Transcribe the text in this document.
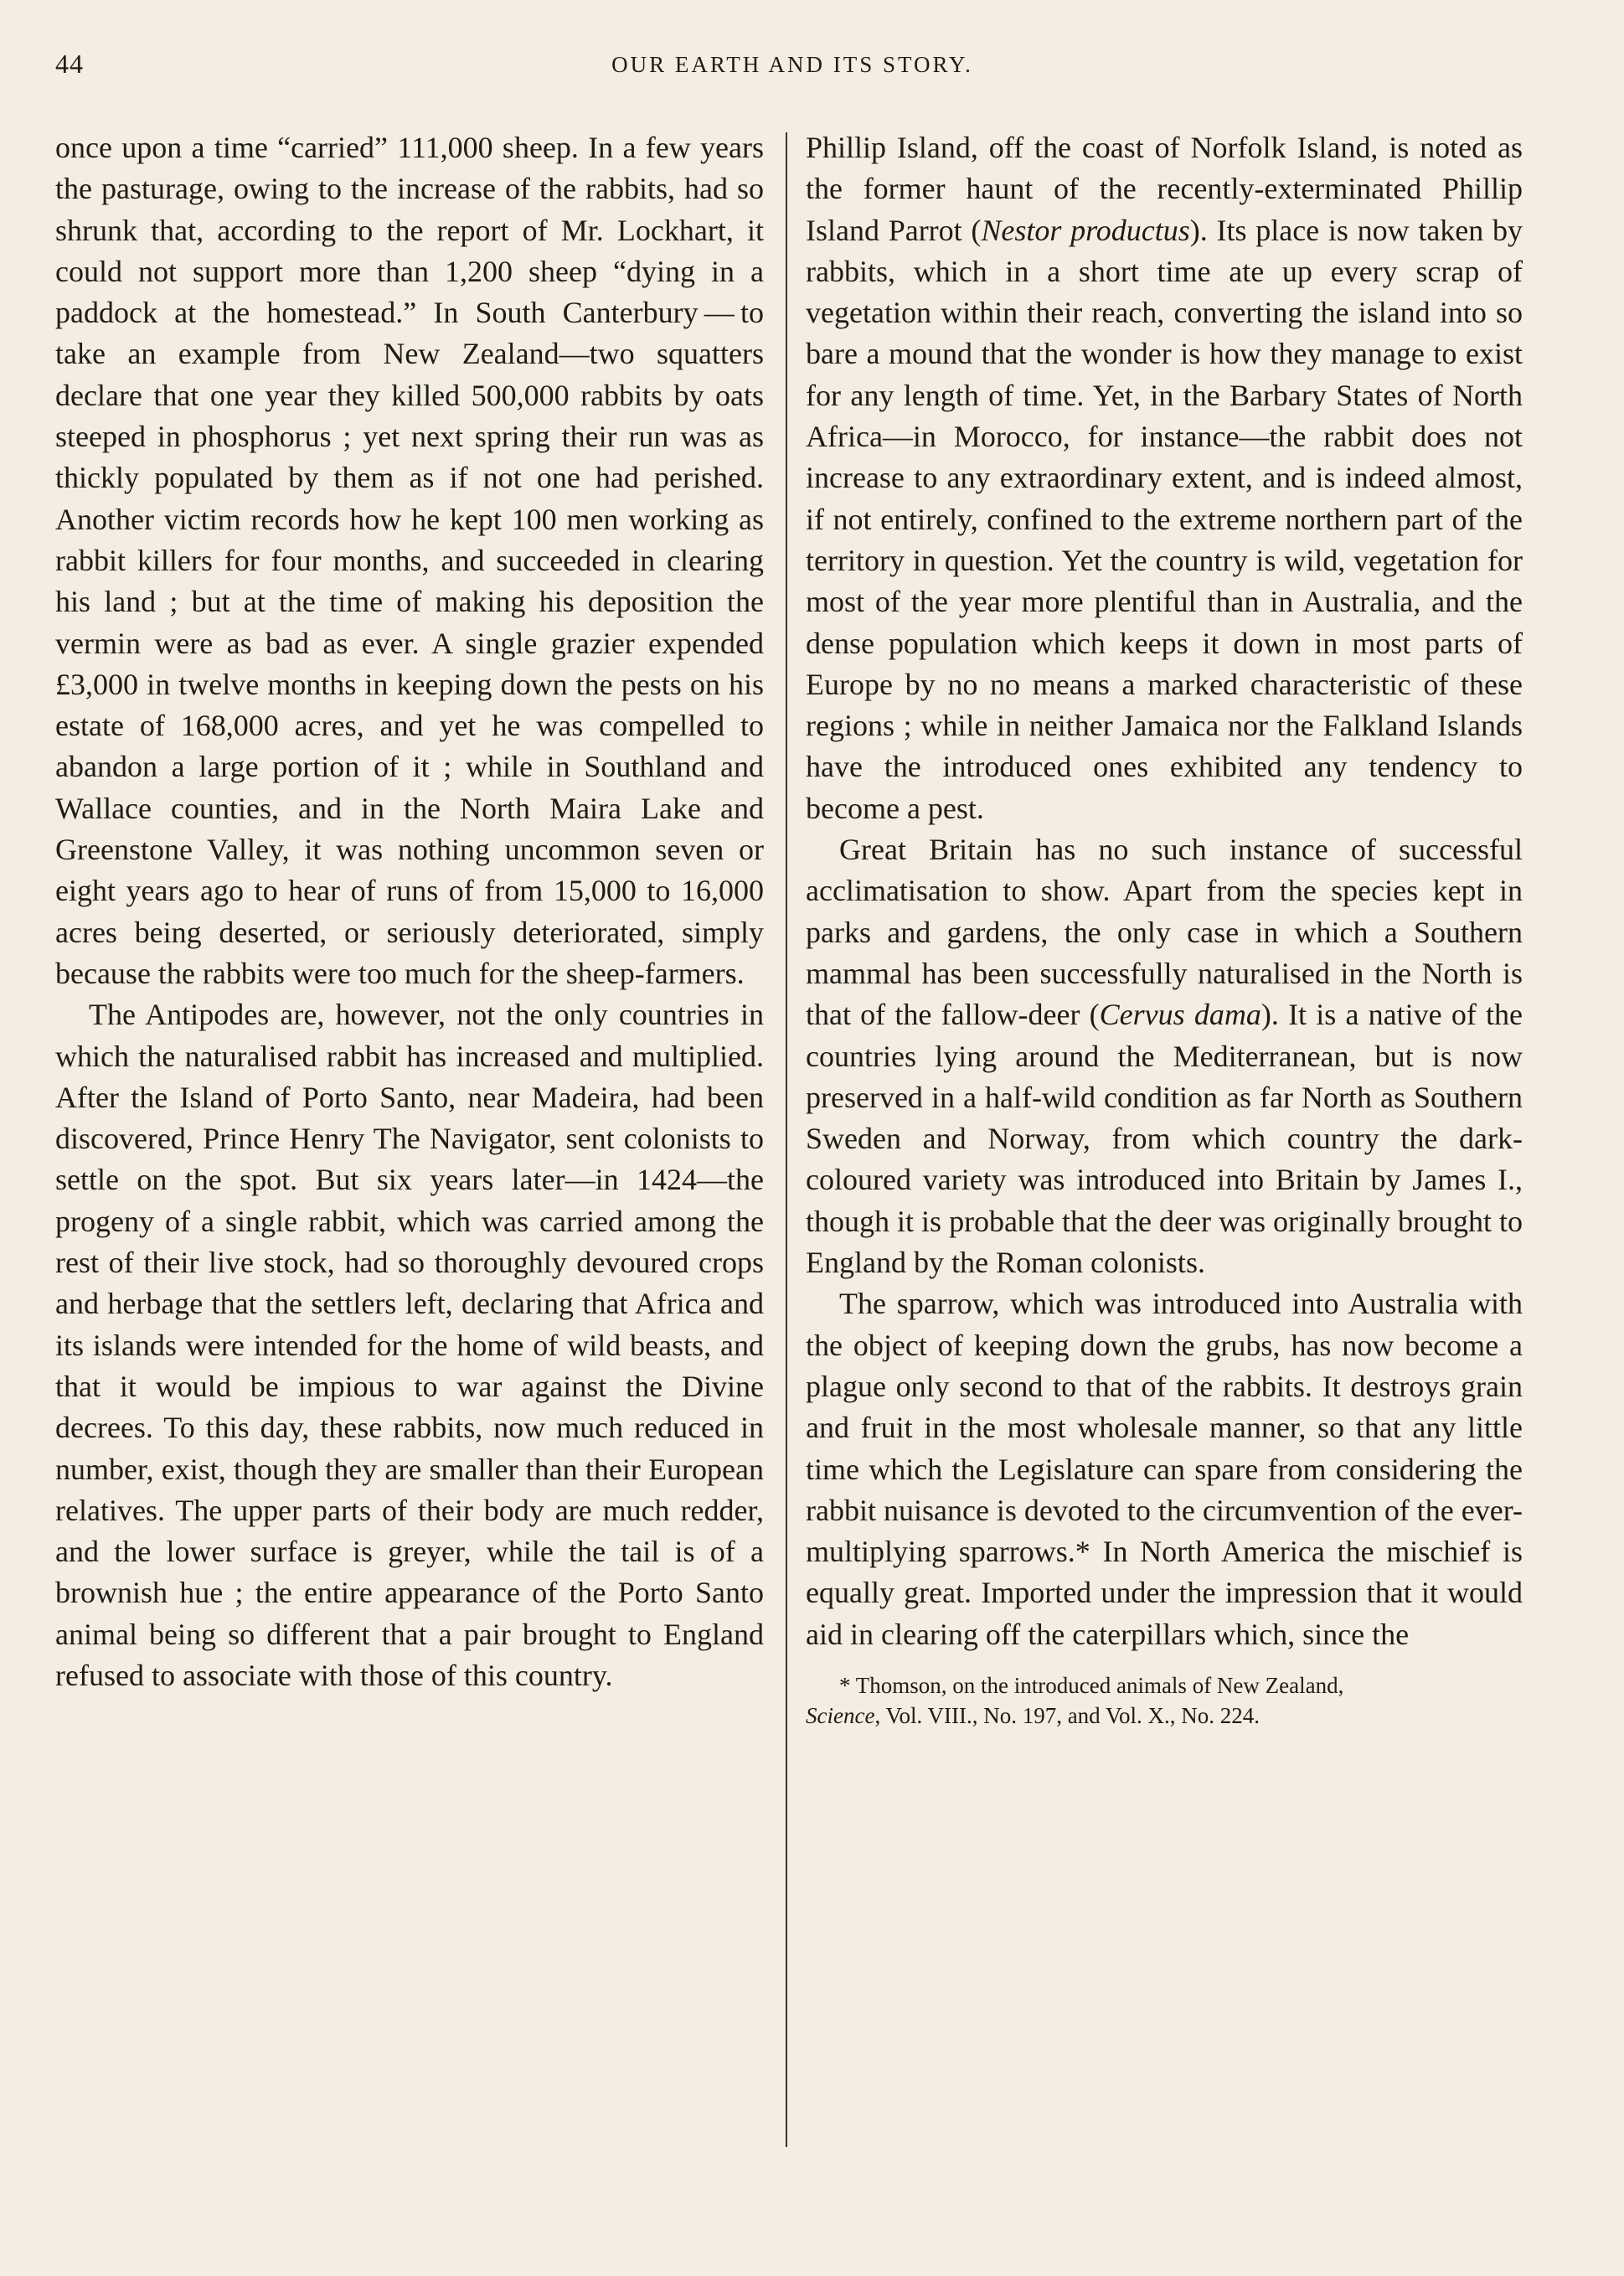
44	OUR EARTH AND ITS STORY.

once upon a time “carried” 111,000 sheep. In a few years the pasturage, owing to the increase of the rabbits, had so shrunk that, according to the report of Mr. Lockhart, it could not support more than 1,200 sheep “dying in a paddock at the homestead.” In South Canterbury — to take an example from New Zealand—two squatters declare that one year they killed 500,000 rabbits by oats steeped in phosphorus ; yet next spring their run was as thickly populated by them as if not one had perished. Another victim records how he kept 100 men working as rabbit killers for four months, and succeeded in clearing his land ; but at the time of making his deposition the vermin were as bad as ever. A single grazier expended £3,000 in twelve months in keeping down the pests on his estate of 168,000 acres, and yet he was compelled to abandon a large portion of it ; while in Southland and Wallace counties, and in the North Maira Lake and Greenstone Valley, it was nothing uncommon seven or eight years ago to hear of runs of from 15,000 to 16,000 acres being deserted, or seriously deteriorated, simply because the rabbits were too much for the sheep-farmers.

The Antipodes are, however, not the only countries in which the naturalised rabbit has increased and multiplied. After the Island of Porto Santo, near Madeira, had been discovered, Prince Henry The Navigator, sent colonists to settle on the spot. But six years later—in 1424—the progeny of a single rabbit, which was carried among the rest of their live stock, had so thoroughly devoured crops and herbage that the settlers left, declaring that Africa and its islands were intended for the home of wild beasts, and that it would be impious to war against the Divine decrees. To this day, these rabbits, now much reduced in number, exist, though they are smaller than their European relatives. The upper parts of their body are much redder, and the lower surface is greyer, while the tail is of a brownish hue ; the entire appearance of the Porto Santo animal being so different that a pair brought to England refused to associate with those of this country.

Phillip Island, off the coast of Norfolk Island, is noted as the former haunt of the recently-exterminated Phillip Island Parrot (Nestor productus). Its place is now taken by rabbits, which in a short time ate up every scrap of vegetation within their reach, converting the island into so bare a mound that the wonder is how they manage to exist for any length of time. Yet, in the Barbary States of North Africa—in Morocco, for instance—the rabbit does not increase to any extraordinary extent, and is indeed almost, if not entirely, confined to the extreme northern part of the territory in question. Yet the country is wild, vegetation for most of the year more plentiful than in Australia, and the dense population which keeps it down in most parts of Europe by no no means a marked characteristic of these regions ; while in neither Jamaica nor the Falkland Islands have the introduced ones exhibited any tendency to become a pest.

Great Britain has no such instance of successful acclimatisation to show. Apart from the species kept in parks and gardens, the only case in which a Southern mammal has been successfully naturalised in the North is that of the fallow-deer (Cervus dama). It is a native of the countries lying around the Mediterranean, but is now preserved in a half-wild condition as far North as Southern Sweden and Norway, from which country the dark-coloured variety was introduced into Britain by James I., though it is probable that the deer was originally brought to England by the Roman colonists.

The sparrow, which was introduced into Australia with the object of keeping down the grubs, has now become a plague only second to that of the rabbits. It destroys grain and fruit in the most wholesale manner, so that any little time which the Legislature can spare from considering the rabbit nuisance is devoted to the circumvention of the ever-multiplying sparrows.* In North America the mischief is equally great. Imported under the impression that it would aid in clearing off the caterpillars which, since the

* Thomson, on the introduced animals of New Zealand,
Science, Vol. VIII., No. 197, and Vol. X., No. 224.
